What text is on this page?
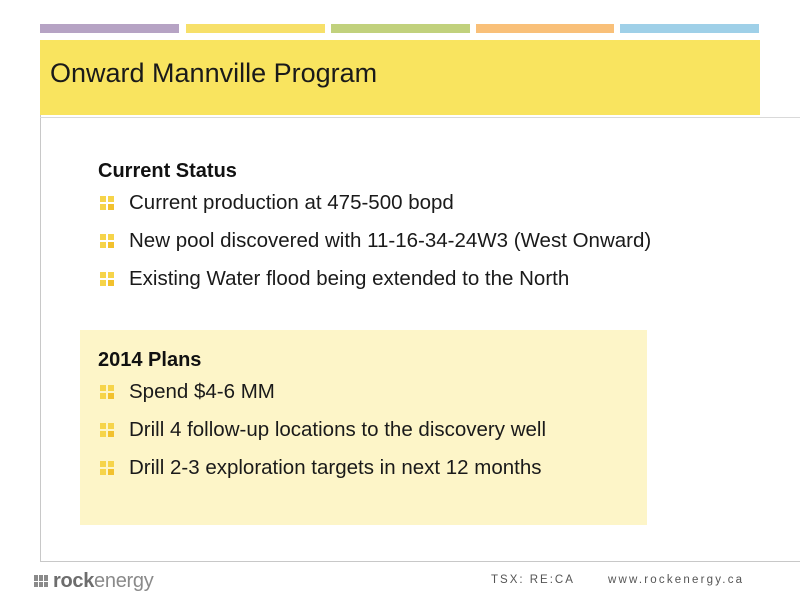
Onward Mannville Program
Current Status
Current production at 475-500 bopd
New pool discovered with 11-16-34-24W3 (West Onward)
Existing Water flood being extended to the North
2014 Plans
Spend $4-6 MM
Drill 4 follow-up locations to the discovery well
Drill 2-3 exploration targets in next 12 months
rock energy	TSX: RE:CA	www.rockenergy.ca
